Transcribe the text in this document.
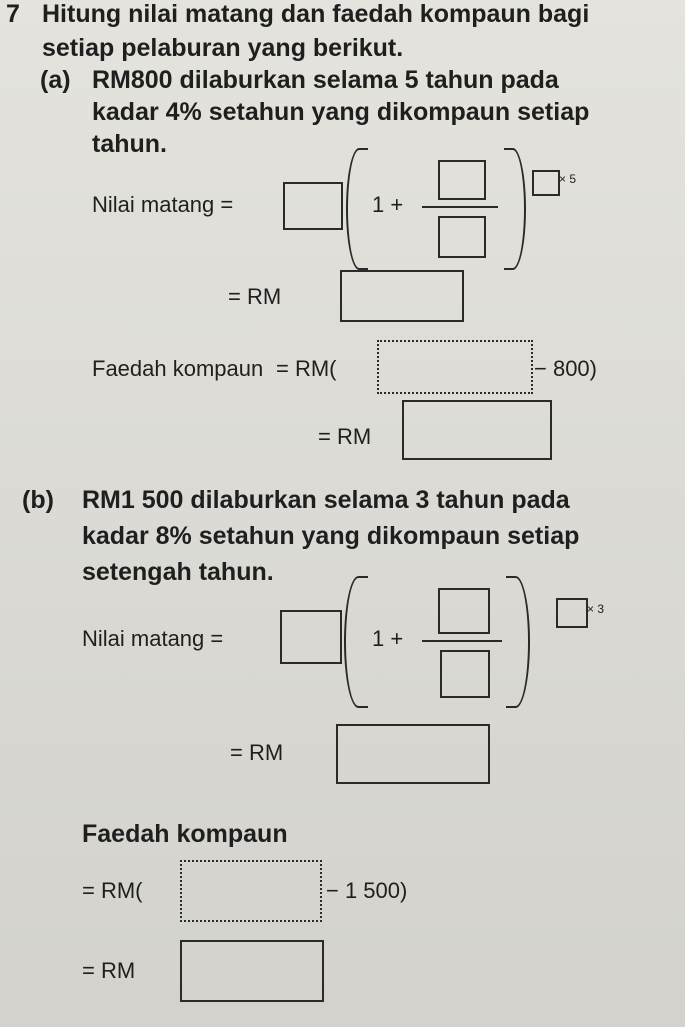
7 Hitung nilai matang dan faedah kompaun bagi
setiap pelaburan yang berikut.
(a) RM800 dilaburkan selama 5 tahun pada
kadar 4% setahun yang dikompaun setiap
tahun.
Nilai matang =	1 +
× 5
= RM
Faedah kompaun = RM(	− 800)
= RM
(b) RM1 500 dilaburkan selama 3 tahun pada
kadar 8% setahun yang dikompaun setiap
setengah tahun.
Nilai matang =	1 +
× 3
= RM
Faedah kompaun
= RM(	− 1 500)
= RM
